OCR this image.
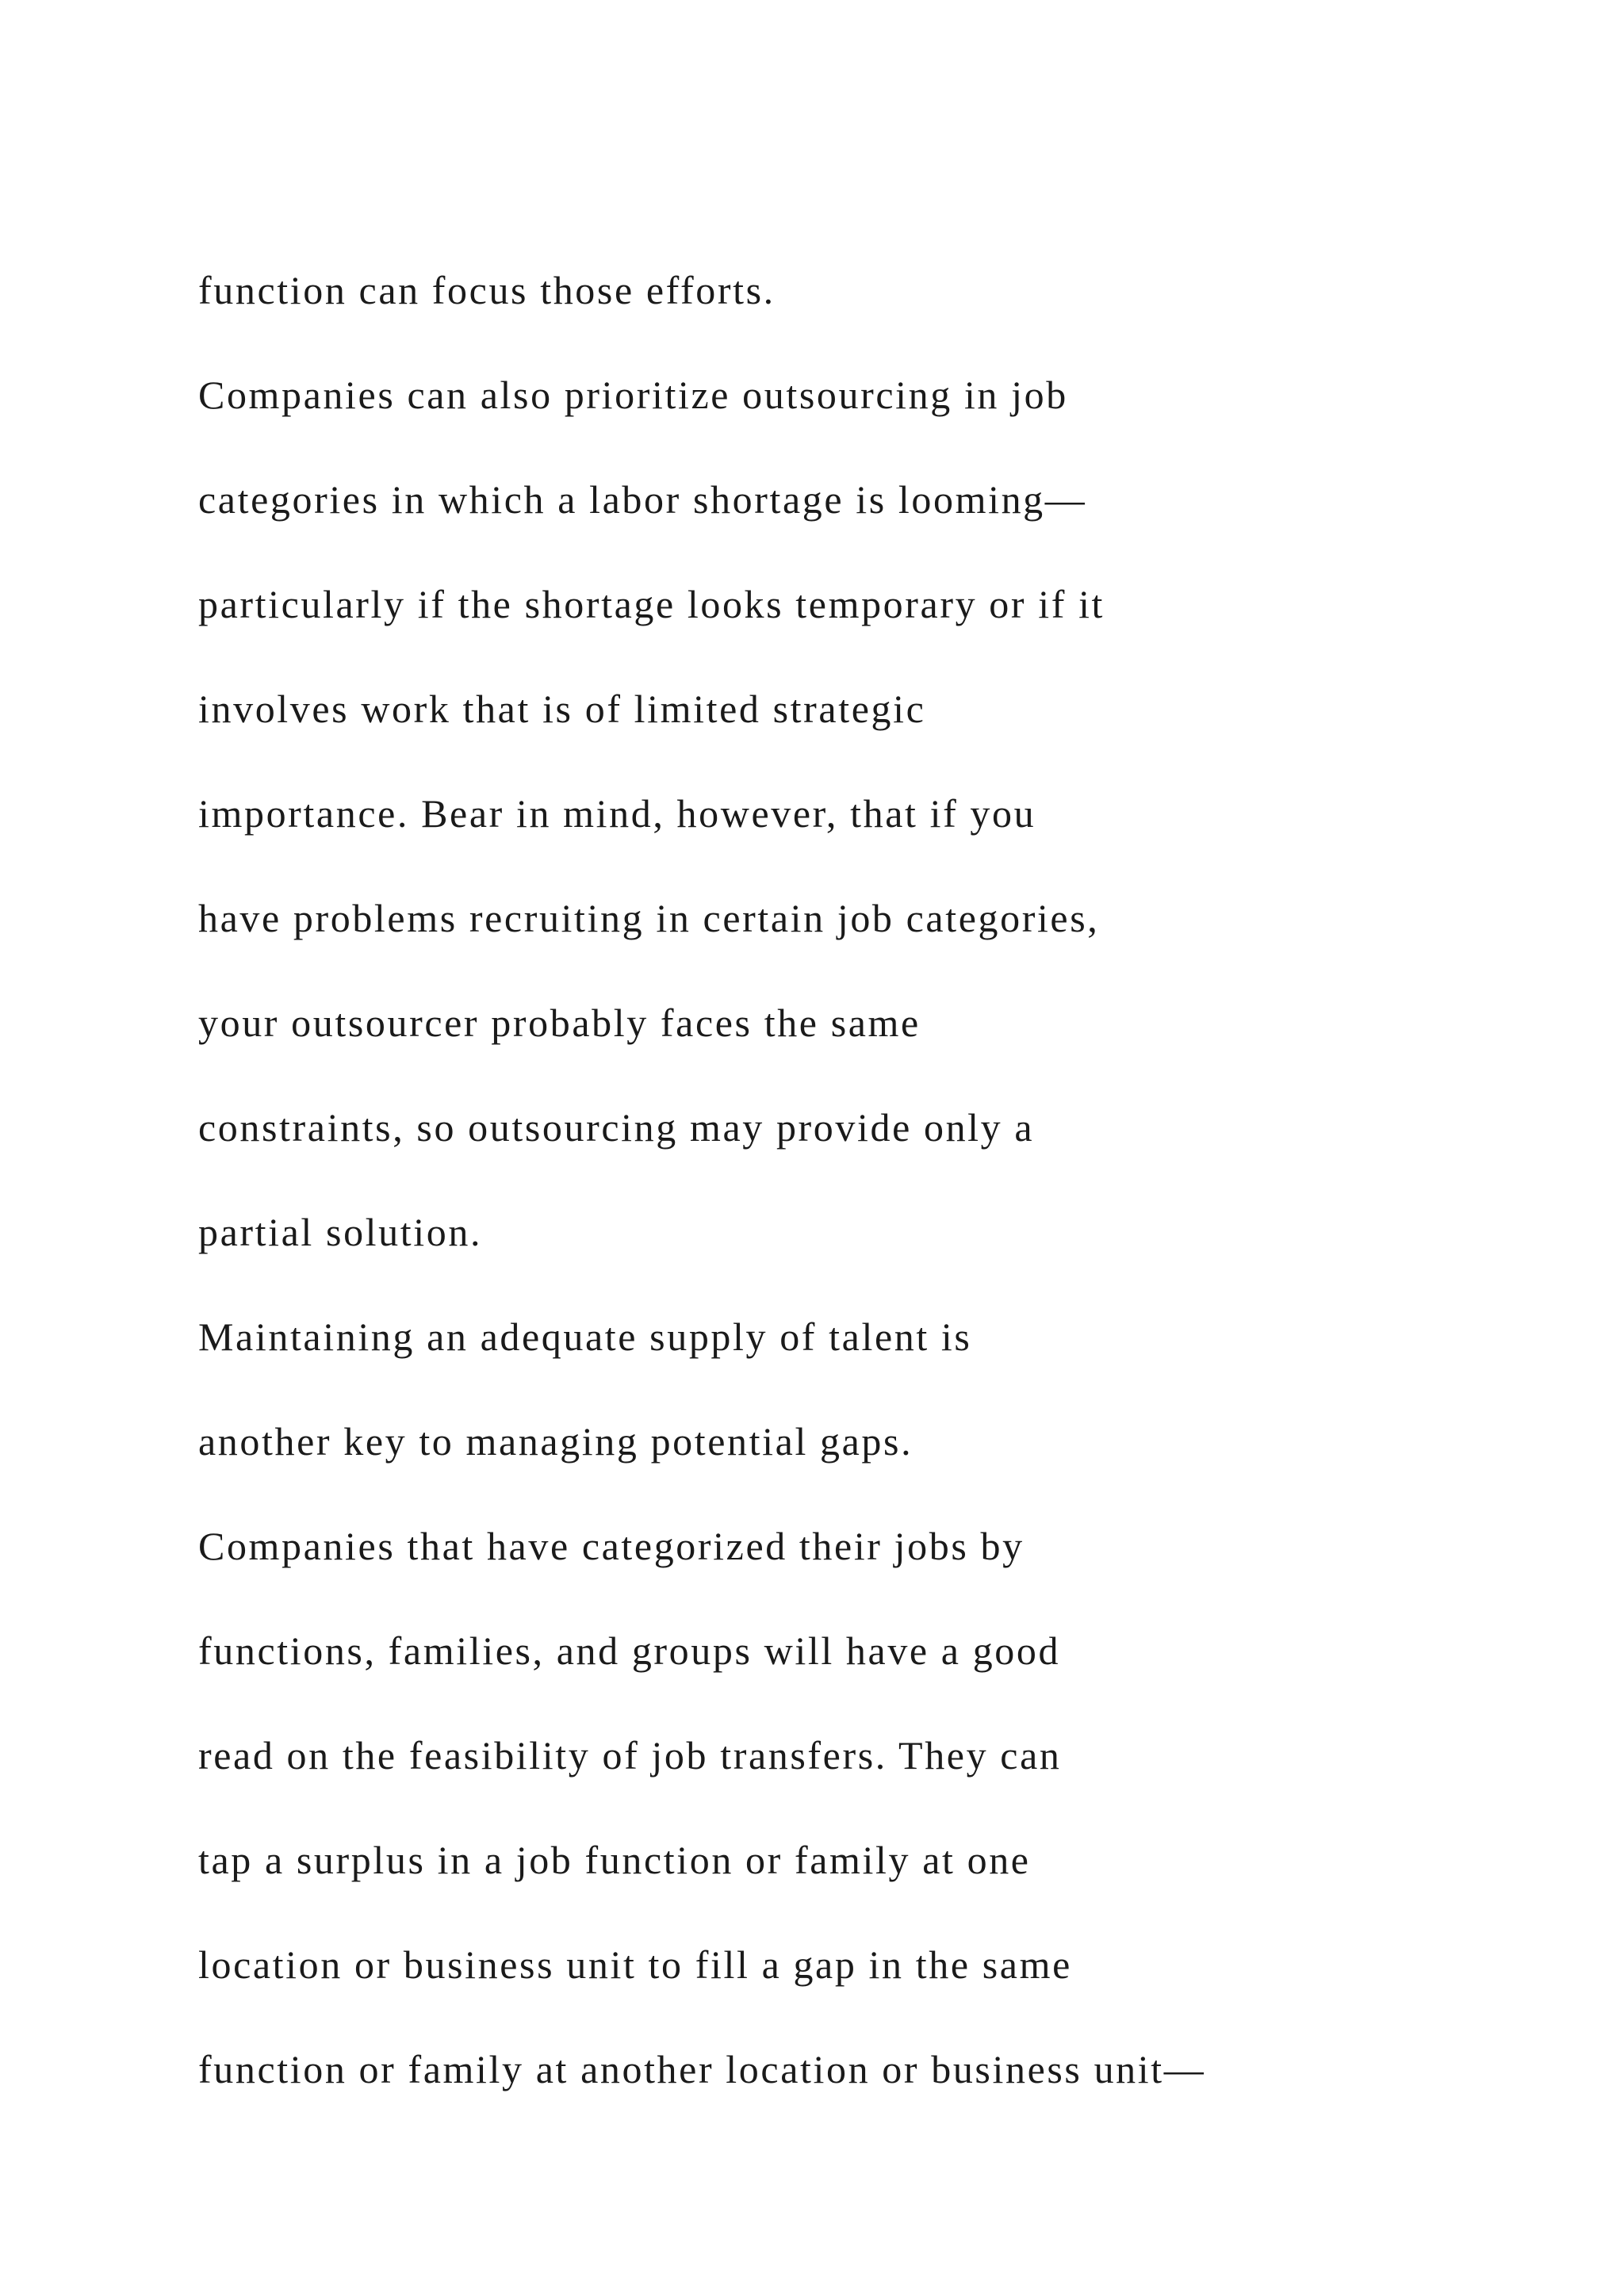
function can focus those efforts.
Companies can also prioritize outsourcing in job
categories in which a labor shortage is looming—
particularly if the shortage looks temporary or if it
involves work that is of limited strategic
importance. Bear in mind, however, that if you
have problems recruiting in certain job categories,
your outsourcer probably faces the same
constraints, so outsourcing may provide only a
partial solution.
Maintaining an adequate supply of talent is
another key to managing potential gaps.
Companies that have categorized their jobs by
functions, families, and groups will have a good
read on the feasibility of job transfers. They can
tap a surplus in a job function or family at one
location or business unit to fill a gap in the same
function or family at another location or business unit—
